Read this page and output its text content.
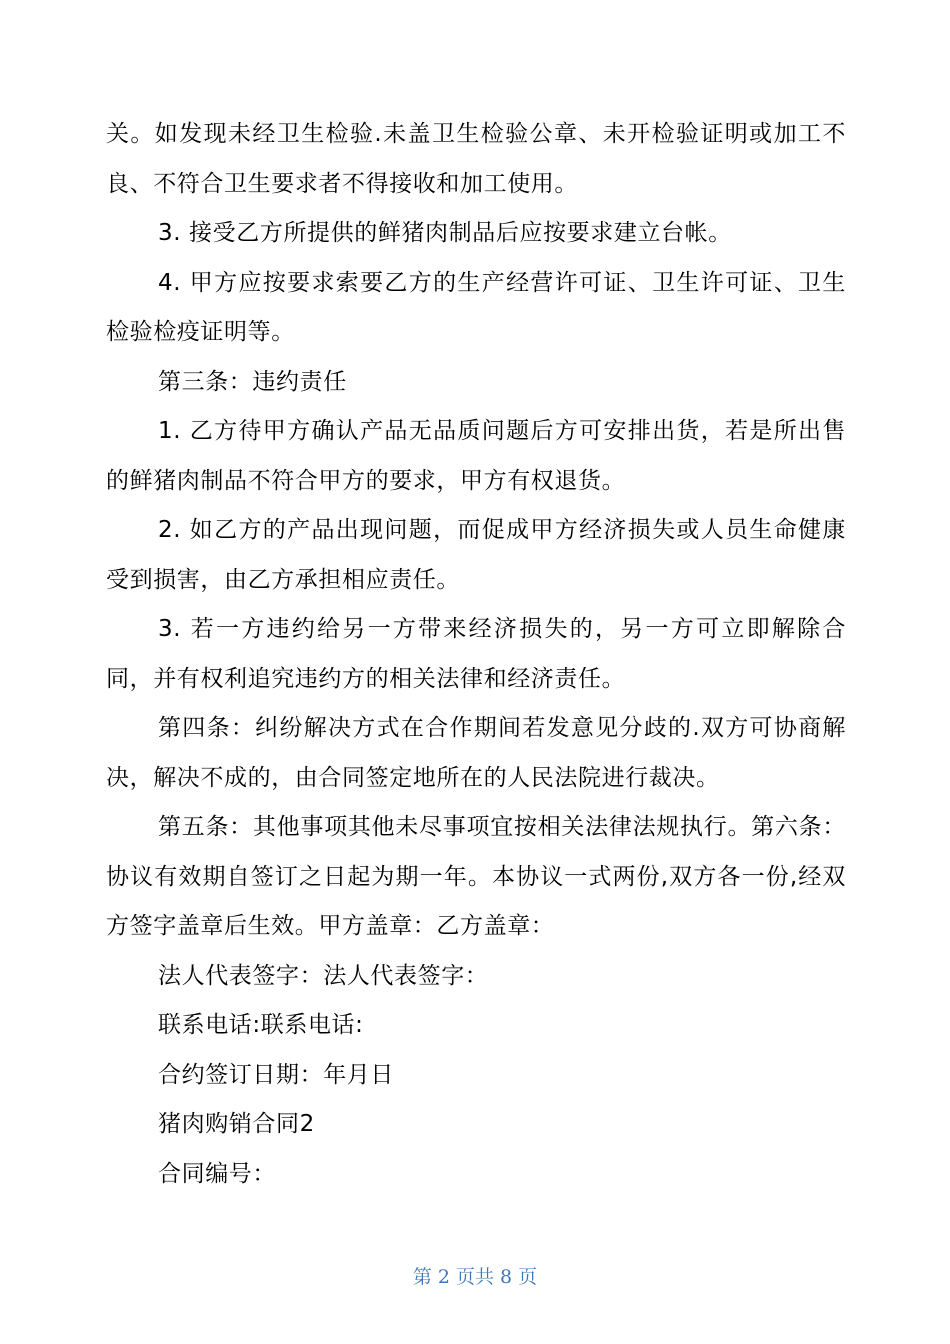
关。如发现未经卫生检验.未盖卫生检验公章、未开检验证明或加工不良、不符合卫生要求者不得接收和加工使用。

3. 接受乙方所提供的鲜猪肉制品后应按要求建立台帐。

4. 甲方应按要求索要乙方的生产经营许可证、卫生许可证、卫生检验检疫证明等。

第三条：违约责任

1. 乙方待甲方确认产品无品质问题后方可安排出货，若是所出售的鲜猪肉制品不符合甲方的要求，甲方有权退货。

2. 如乙方的产品出现问题，而促成甲方经济损失或人员生命健康受到损害，由乙方承担相应责任。

3. 若一方违约给另一方带来经济损失的，另一方可立即解除合同，并有权利追究违约方的相关法律和经济责任。

第四条：纠纷解决方式在合作期间若发意见分歧的.双方可协商解决，解决不成的，由合同签定地所在的人民法院进行裁决。

第五条：其他事项其他未尽事项宜按相关法律法规执行。第六条：协议有效期自签订之日起为期一年。本协议一式两份,双方各一份,经双方签字盖章后生效。甲方盖章：乙方盖章：

法人代表签字：法人代表签字：

联系电话:联系电话:

合约签订日期：年月日

猪肉购销合同2

合同编号：

第 2 页共 8 页
